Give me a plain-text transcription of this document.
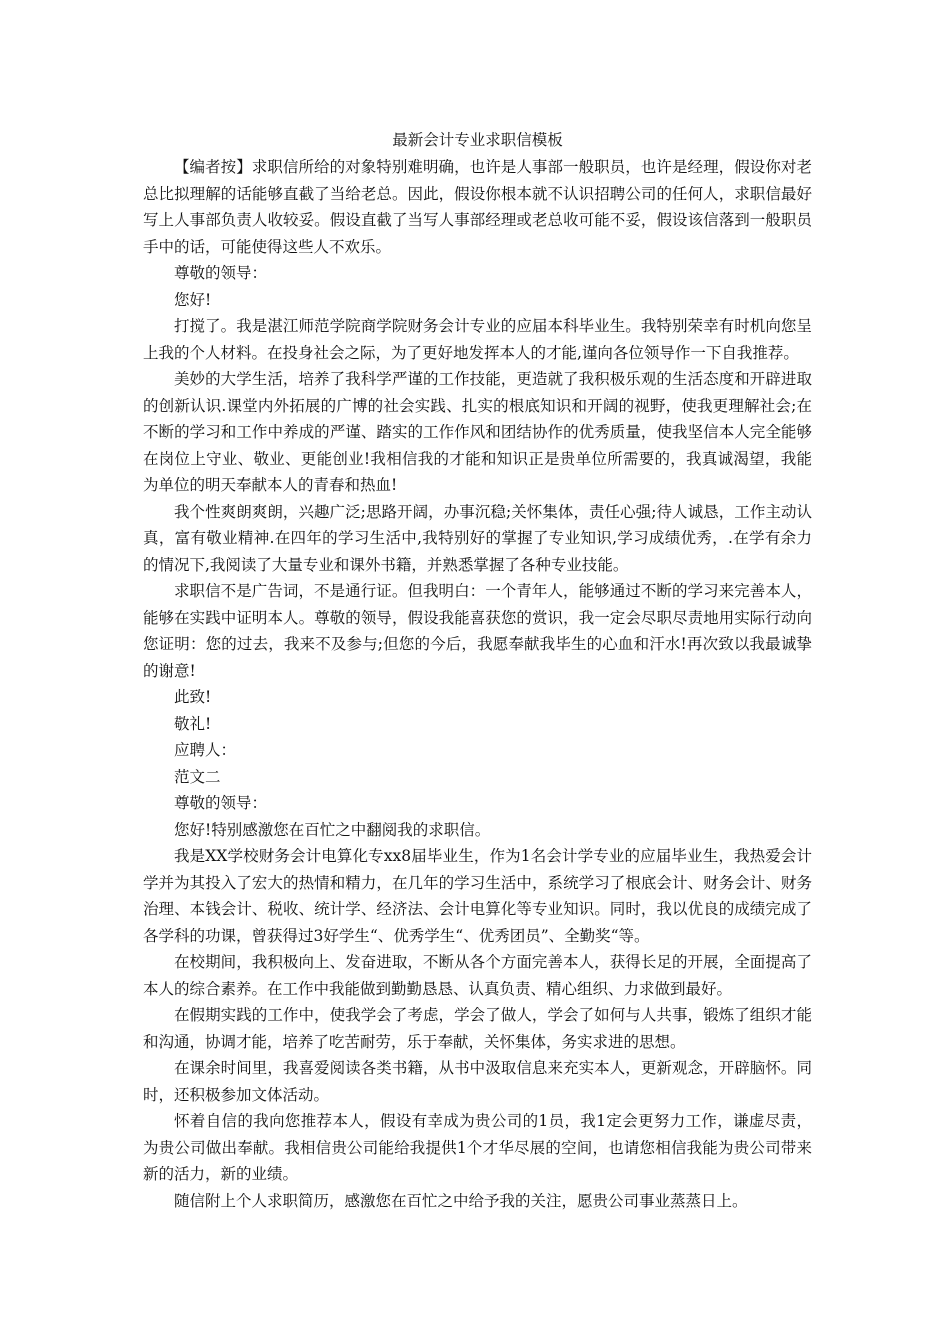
最新会计专业求职信模板

【编者按】求职信所给的对象特别难明确，也许是人事部一般职员，也许是经理，假设你对老总比拟理解的话能够直截了当给老总。因此，假设你根本就不认识招聘公司的任何人，求职信最好写上人事部负责人收较妥。假设直截了当写人事部经理或老总收可能不妥，假设该信落到一般职员手中的话，可能使得这些人不欢乐。

尊敬的领导：

您好!

打搅了。我是湛江师范学院商学院财务会计专业的应届本科毕业生。我特别荣幸有时机向您呈上我的个人材料。在投身社会之际，为了更好地发挥本人的才能,谨向各位领导作一下自我推荐。

美妙的大学生活，培养了我科学严谨的工作技能，更造就了我积极乐观的生活态度和开辟进取的创新认识.课堂内外拓展的广博的社会实践、扎实的根底知识和开阔的视野，使我更理解社会;在不断的学习和工作中养成的严谨、踏实的工作作风和团结协作的优秀质量，使我坚信本人完全能够在岗位上守业、敬业、更能创业!我相信我的才能和知识正是贵单位所需要的，我真诚渴望，我能为单位的明天奉献本人的青春和热血!

我个性爽朗爽朗，兴趣广泛;思路开阔，办事沉稳;关怀集体，责任心强;待人诚恳，工作主动认真，富有敬业精神.在四年的学习生活中,我特别好的掌握了专业知识,学习成绩优秀，.在学有余力 的情况下,我阅读了大量专业和课外书籍，并熟悉掌握了各种专业技能。

求职信不是广告词，不是通行证。但我明白：一个青年人，能够通过不断的学习来完善本人，能够在实践中证明本人。尊敬的领导，假设我能喜获您的赏识，我一定会尽职尽责地用实际行动向您证明：您的过去，我来不及参与;但您的今后，我愿奉献我毕生的心血和汗水!再次致以我最诚挚的谢意!

此致!

敬礼!

应聘人：

范文二

尊敬的领导：

您好!特别感激您在百忙之中翻阅我的求职信。

我是XX学校财务会计电算化专xx8届毕业生，作为1名会计学专业的应届毕业生，我热爱会计学并为其投入了宏大的热情和精力，在几年的学习生活中，系统学习了根底会计、财务会计、财务治理、本钱会计、税收、统计学、经济法、会计电算化等专业知识。同时，我以优良的成绩完成了各学科的功课，曾获得过3好学生“、优秀学生“、优秀团员”、全勤奖“等。

在校期间，我积极向上、发奋进取，不断从各个方面完善本人，获得长足的开展，全面提高了本人的综合素养。在工作中我能做到勤勤恳恳、认真负责、精心组织、力求做到最好。

在假期实践的工作中，使我学会了考虑，学会了做人，学会了如何与人共事，锻炼了组织才能和沟通，协调才能，培养了吃苦耐劳，乐于奉献，关怀集体，务实求进的思想。

在课余时间里，我喜爱阅读各类书籍，从书中汲取信息来充实本人，更新观念，开辟脑怀。同时，还积极参加文体活动。

怀着自信的我向您推荐本人，假设有幸成为贵公司的1员，我1定会更努力工作，谦虚尽责，为贵公司做出奉献。我相信贵公司能给我提供1个才华尽展的空间，也请您相信我能为贵公司带来新的活力，新的业绩。

随信附上个人求职简历，感激您在百忙之中给予我的关注，愿贵公司事业蒸蒸日上。
